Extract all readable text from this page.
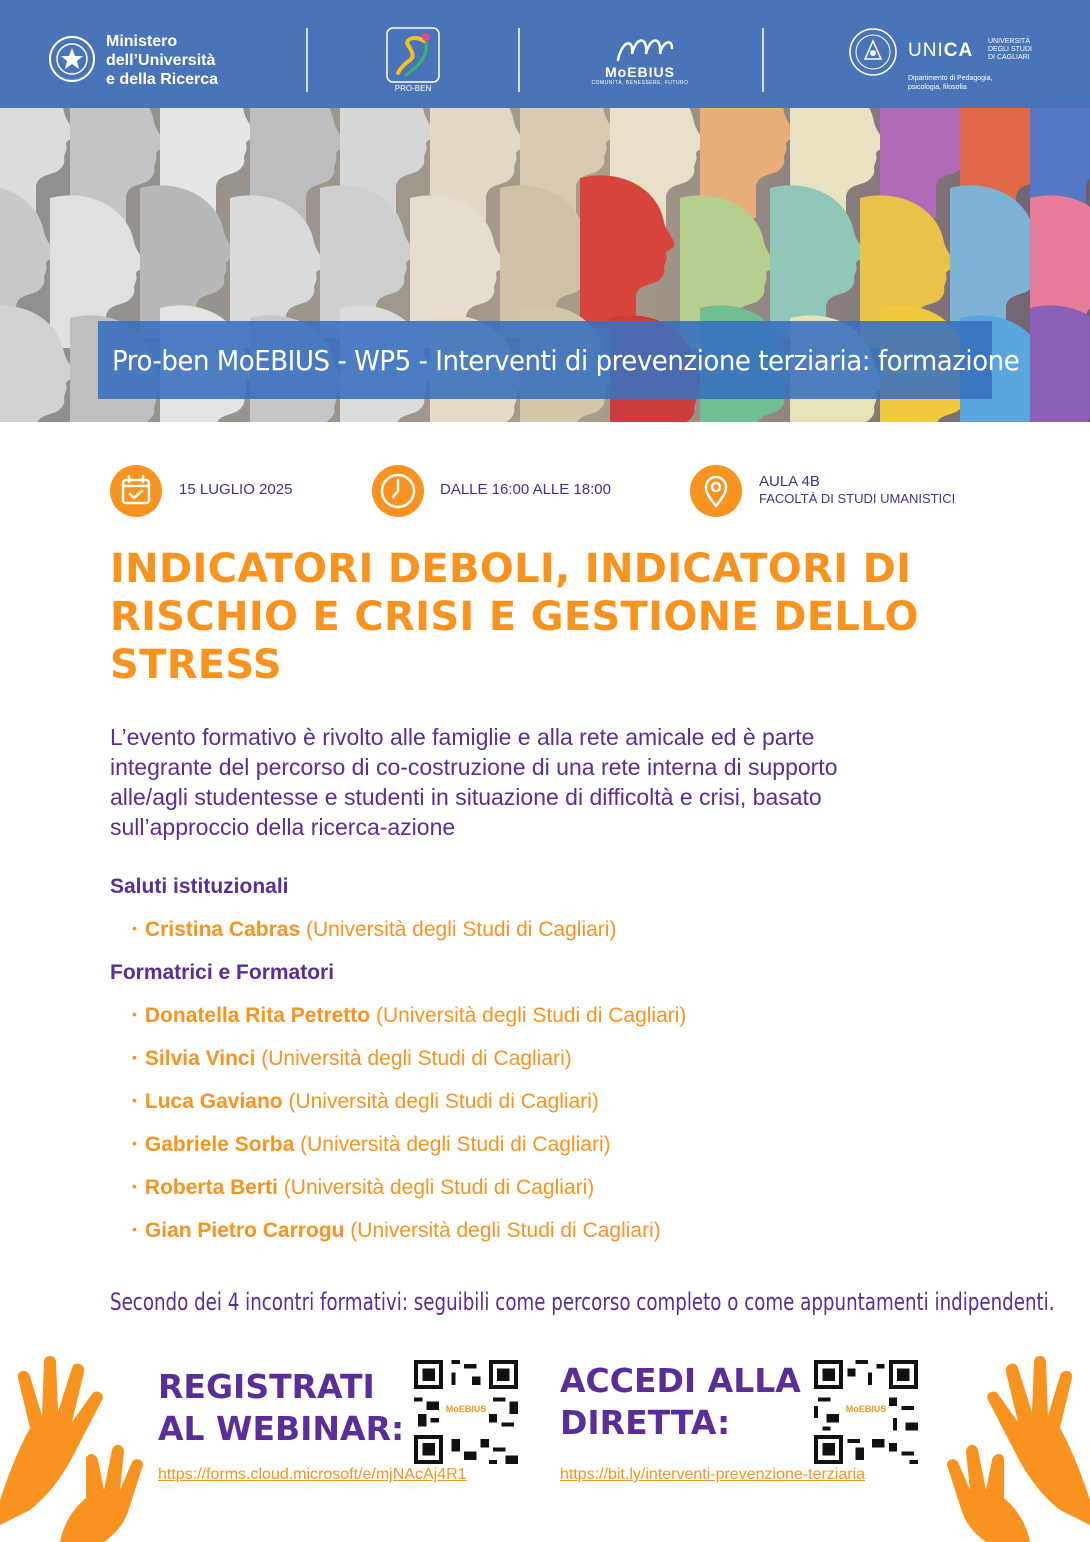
Ministero
dell’Università
e della Ricerca
PRO-BEN
MoEBIUS
COMUNITÀ, BENESSERE, FUTURO
UNICA UNIVERSITÀ
DEGLI STUDI
DI CAGLIARI
Dipartimento di Pedagogia,
psicologia, filosofia
Pro-ben MoEBIUS - WP5 - Interventi di prevenzione terziaria: formazione
15 LUGLIO 2025	DALLE 16:00 ALLE 18:00	AULA 4B
FACOLTÀ DI STUDI UMANISTICI
INDICATORI DEBOLI, INDICATORI DI
RISCHIO E CRISI E GESTIONE DELLO
STRESS
L’evento formativo è rivolto alle famiglie e alla rete amicale ed è parte
integrante del percorso di co-costruzione di una rete interna di supporto
alle/agli studentesse e studenti in situazione di difficoltà e crisi, basato
sull’approccio della ricerca-azione
Saluti istituzionali
• Cristina Cabras (Università degli Studi di Cagliari)
Formatrici e Formatori
• Donatella Rita Petretto (Università degli Studi di Cagliari)
• Silvia Vinci (Università degli Studi di Cagliari)
• Luca Gaviano (Università degli Studi di Cagliari)
• Gabriele Sorba (Università degli Studi di Cagliari)
• Roberta Berti (Università degli Studi di Cagliari)
• Gian Pietro Carrogu (Università degli Studi di Cagliari)
Secondo dei 4 incontri formativi: seguibili come percorso completo o come appuntamenti indipendenti.
REGISTRATI
AL WEBINAR:	MoEBIUS
https://forms.cloud.microsoft/e/mjNAcAj4R1
ACCEDI ALLA
DIRETTA:	MoEBIUS
https://bit.ly/interventi-prevenzione-terziaria
